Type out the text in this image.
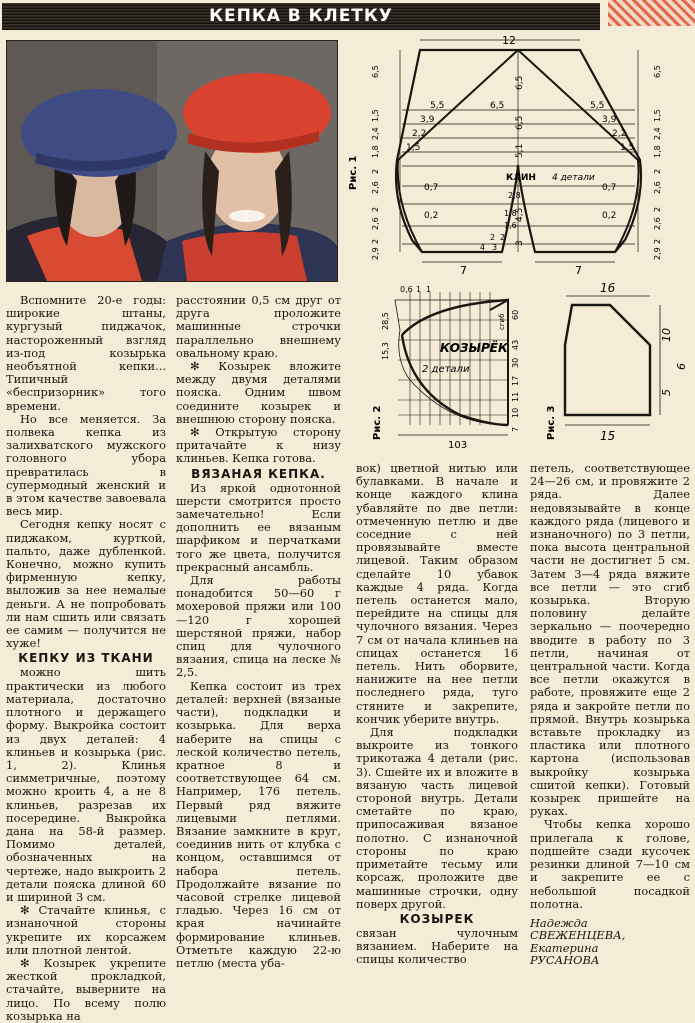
КЕПКА В КЛЕТКУ
12
7	7
Рис. 1	КЛИН 4 детали
6,5
6,5
5,1
4,5
3
5,5	6,5	5,5
3,9	3,9
2,2	2,2
1,5	1,5
0,7
0,2
0,7
0,2
2,8
1,8
1,6
2
2
3
4
6,5
1,5
2,4
1,8
2
2,6
2
2,6
2
2,9
6,5
1,5
2,4
1,8
2
2,6
2
2,6
2
2,9
0,6 1 1
КОЗЫРЁК
2 детали
103
Рис. 2
28,5
15,3
сгиб 60
43
30
17
11
10
7
16
15
10
5
6
Рис. 3

Вспомните 20-е годы: широкие штаны, кургузый пиджачок, настороженный взгляд из-под козырька необъятной кепки... Типичный «беспризорник» того времени.

Но все меняется. За полвека кепка из залихватского мужского головного убора превратилась в супермодный женский и в этом качестве завоевала весь мир.

Сегодня кепку носят с пиджаком, курткой, пальто, даже дубленкой. Конечно, можно купить фирменную кепку, выложив за нее немалые деньги. А не попробовать ли нам сшить или связать ее самим — получится не хуже!

КЕПКУ ИЗ ТКАНИ

можно шить практически из любого материала, достаточно плотного и держащего форму. Выкройка состоит из двух деталей: 4 клиньев и козырька (рис. 1, 2). Клинья симметричные, поэтому можно кроить 4, а не 8 клиньев, разрезав их посередине. Выкройка дана на 58-й размер. Помимо деталей, обозначенных на чертеже, надо выкроить 2 детали пояска длиной 60 и шириной 3 см.

✻ Стачайте клинья, с изнаночной стороны укрепите их корсажем или плотной лентой.

✻ Козырек укрепите жесткой прокладкой, стачайте, выверните на лицо. По всему полю козырька на

расстоянии 0,5 см друг от друга проложите машинные строчки параллельно внешнему овальному краю.

✻ Козырек вложите между двумя деталями пояска. Одним швом соедините козырек и внешнюю сторону пояска.

✻ Открытую сторону притачайте к низу клиньев. Кепка готова.

ВЯЗАНАЯ КЕПКА.

Из яркой однотонной шерсти смотрится просто замечательно! Если дополнить ее вязаным шарфиком и перчатками того же цвета, получится прекрасный ансамбль.

Для работы понадобится 50—60 г мохеровой пряжи или 100—120 г хорошей шерстяной пряжи, набор спиц для чулочного вязания, спица на леске № 2,5.

Кепка состоит из трех деталей: верхней (вязаные части), подкладки и козырька. Для верха наберите на спицы с леской количество петель, кратное 8 и соответствующее 64 см. Например, 176 петель. Первый ряд вяжите лицевыми петлями. Вязание замкните в круг, соединив нить от клубка с концом, оставшимся от набора петель. Продолжайте вязание по часовой стрелке лицевой гладью. Через 16 см от края начинайте формирование клиньев. Отметьте каждую 22-ю петлю (места уба-

вок) цветной нитью или булавками. В начале и конце каждого клина убавляйте по две петли: отмеченную петлю и две соседние с ней провязывайте вместе лицевой. Таким образом сделайте 10 убавок каждые 4 ряда. Когда петель останется мало, перейдите на спицы для чулочного вязания. Через 7 см от начала клиньев на спицах останется 16 петель. Нить оборвите, нанижите на нее петли последнего ряда, туго стяните и закрепите, кончик уберите внутрь.

Для подкладки выкроите из тонкого трикотажа 4 детали (рис. 3). Сшейте их и вложите в вязаную часть лицевой стороной внутрь. Детали сметайте по краю, припосаживая вязаное полотно. С изнаночной стороны по краю приметайте тесьму или корсаж, проложите две машинные строчки, одну поверх другой.

КОЗЫРЕК

связан чулочным вязанием. Наберите на спицы количество

петель, соответствующее 24—26 см, и провяжите 2 ряда. Далее недовязывайте в конце каждого ряда (лицевого и изнаночного) по 3 петли, пока высота центральной части не достигнет 5 см. Затем 3—4 ряда вяжите все петли — это сгиб козырька. Вторую половину делайте зеркально — поочередно вводите в работу по 3 петли, начиная от центральной части. Когда все петли окажутся в работе, провяжите еще 2 ряда и закройте петли по прямой. Внутрь козырька вставьте прокладку из пластика или плотного картона (использовав выкройку козырька сшитой кепки). Готовый козырек пришейте на руках.

Чтобы кепка хорошо прилегала к голове, подшейте сзади кусочек резинки длиной 7—10 см и закрепите ее с небольшой посадкой полотна.

Надежда

СВЕЖЕНЦЕВА,

Екатерина

РУСАНОВА
